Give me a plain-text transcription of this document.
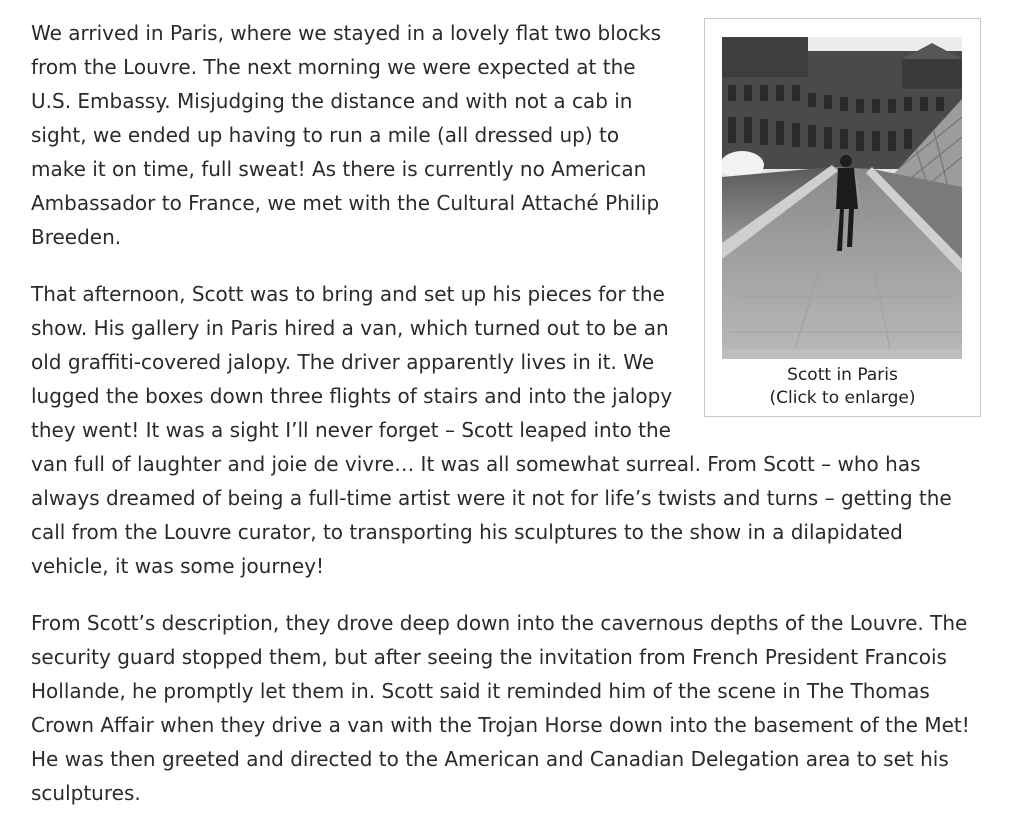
Scott in Paris
(Click to enlarge)

We arrived in Paris, where we stayed in a lovely flat two blocks from the Louvre. The next morning we were expected at the U.S. Embassy. Misjudging the distance and with not a cab in sight, we ended up having to run a mile (all dressed up) to make it on time, full sweat! As there is currently no American Ambassador to France, we met with the Cultural Attaché Philip Breeden.

That afternoon, Scott was to bring and set up his pieces for the show. His gallery in Paris hired a van, which turned out to be an old graffiti-covered jalopy. The driver apparently lives in it. We lugged the boxes down three flights of stairs and into the jalopy they went! It was a sight I’ll never forget – Scott leaped into the van full of laughter and joie de vivre… It was all somewhat surreal. From Scott – who has always dreamed of being a full-time artist were it not for life’s twists and turns – getting the call from the Louvre curator, to transporting his sculptures to the show in a dilapidated vehicle, it was some journey!

From Scott’s description, they drove deep down into the cavernous depths of the Louvre. The security guard stopped them, but after seeing the invitation from French President Francois Hollande, he promptly let them in. Scott said it reminded him of the scene in The Thomas Crown Affair when they drive a van with the Trojan Horse down into the basement of the Met! He was then greeted and directed to the American and Canadian Delegation area to set his sculptures.
